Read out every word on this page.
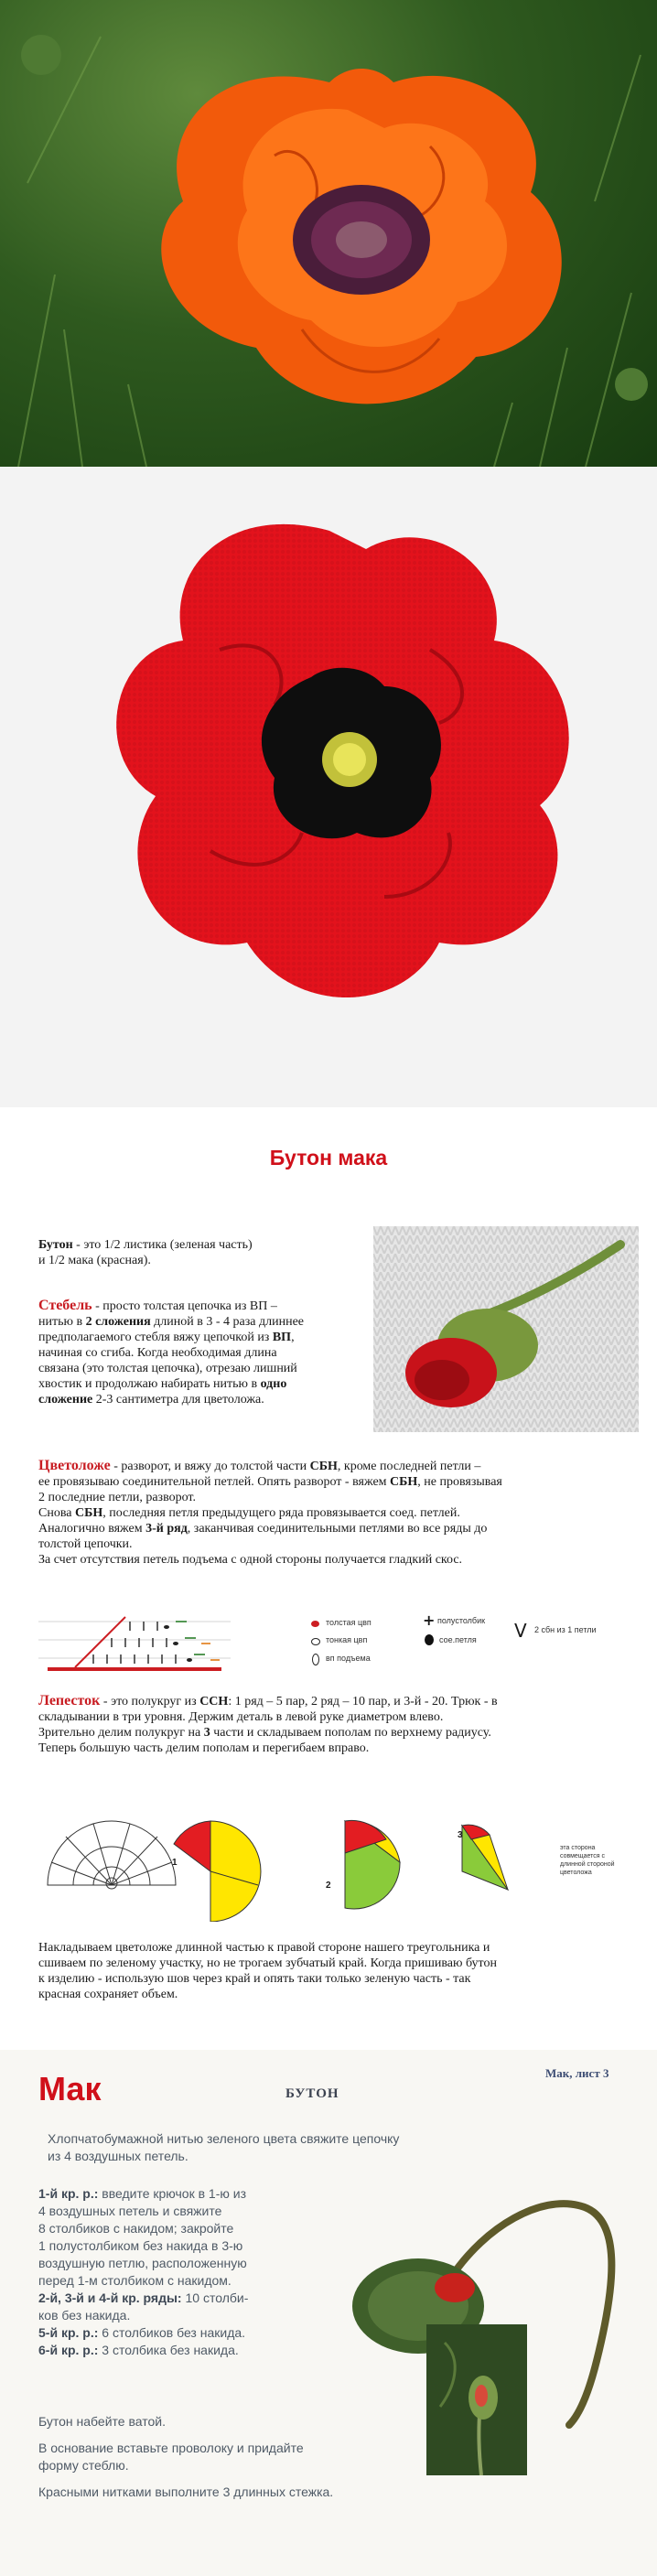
Бутон мака

Бутон - это 1/2 листика (зеленая часть)

и 1/2 мака (красная).

Стебель - просто толстая цепочка из ВП –

нитью в 2 сложения длиной в 3 - 4 раза длиннее

предполагаемого стебля вяжу цепочкой из ВП,

начиная со сгиба. Когда необходимая длина

связана (это толстая цепочка), отрезаю лишний

хвостик и продолжаю набирать нитью в одно

сложение 2-3 сантиметра для цветоложа.

Цветоложе - разворот, и вяжу до толстой части СБН, кроме последней петли –

ее провязываю соединительной петлей. Опять разворот - вяжем СБН, не провязывая

2 последние петли, разворот.

Снова СБН, последняя петля предыдущего ряда провязывается соед. петлей.

Аналогично вяжем 3-й ряд, заканчивая соединительными петлями во все ряды до

толстой цепочки.

За счет отсутствия петель подъема с одной стороны получается гладкий скос.

толстая цвп
тонкая цвп
вп подъема
+ полустолбик
сое.петля V 2 сбн из 1 петли

Лепесток - это полукруг из ССН: 1 ряд – 5 пар, 2 ряд – 10 пар, и 3-й - 20. Трюк - в

складывании в три уровня. Держим деталь в левой руке диаметром влево.

Зрительно делим полукруг на 3 части и складываем пополам по верхнему радиусу.

Теперь большую часть делим пополам и перегибаем вправо.

1
2
3
эта сторона
совмещается с
длинной стороной
цветоложа

Накладываем цветоложе длинной частью к правой стороне нашего треугольника и

сшиваем по зеленому участку, но не трогаем зубчатый край. Когда пришиваю бутон

к изделию - использую шов через край и опять таки только зеленую часть - так

красная сохраняет объем.

Мак	Мак, лист 3
БУТОН
Хлопчатобумажной нитью зеленого цвета свяжите цепочку
из 4 воздушных петель.
1-й кр. р.: введите крючок в 1-ю из
4 воздушных петель и свяжите
8 столбиков с накидом; закройте
1 полустолбиком без накида в 3-ю
воздушную петлю, расположенную
перед 1-м столбиком с накидом.
2-й, 3-й и 4-й кр. ряды: 10 столби-
ков без накида.
5-й кр. р.: 6 столбиков без накида.
6-й кр. р.: 3 столбика без накида.
Бутон набейте ватой.
В основание вставьте проволоку и придайте
форму стеблю.
Красными нитками выполните 3 длинных стежка.
